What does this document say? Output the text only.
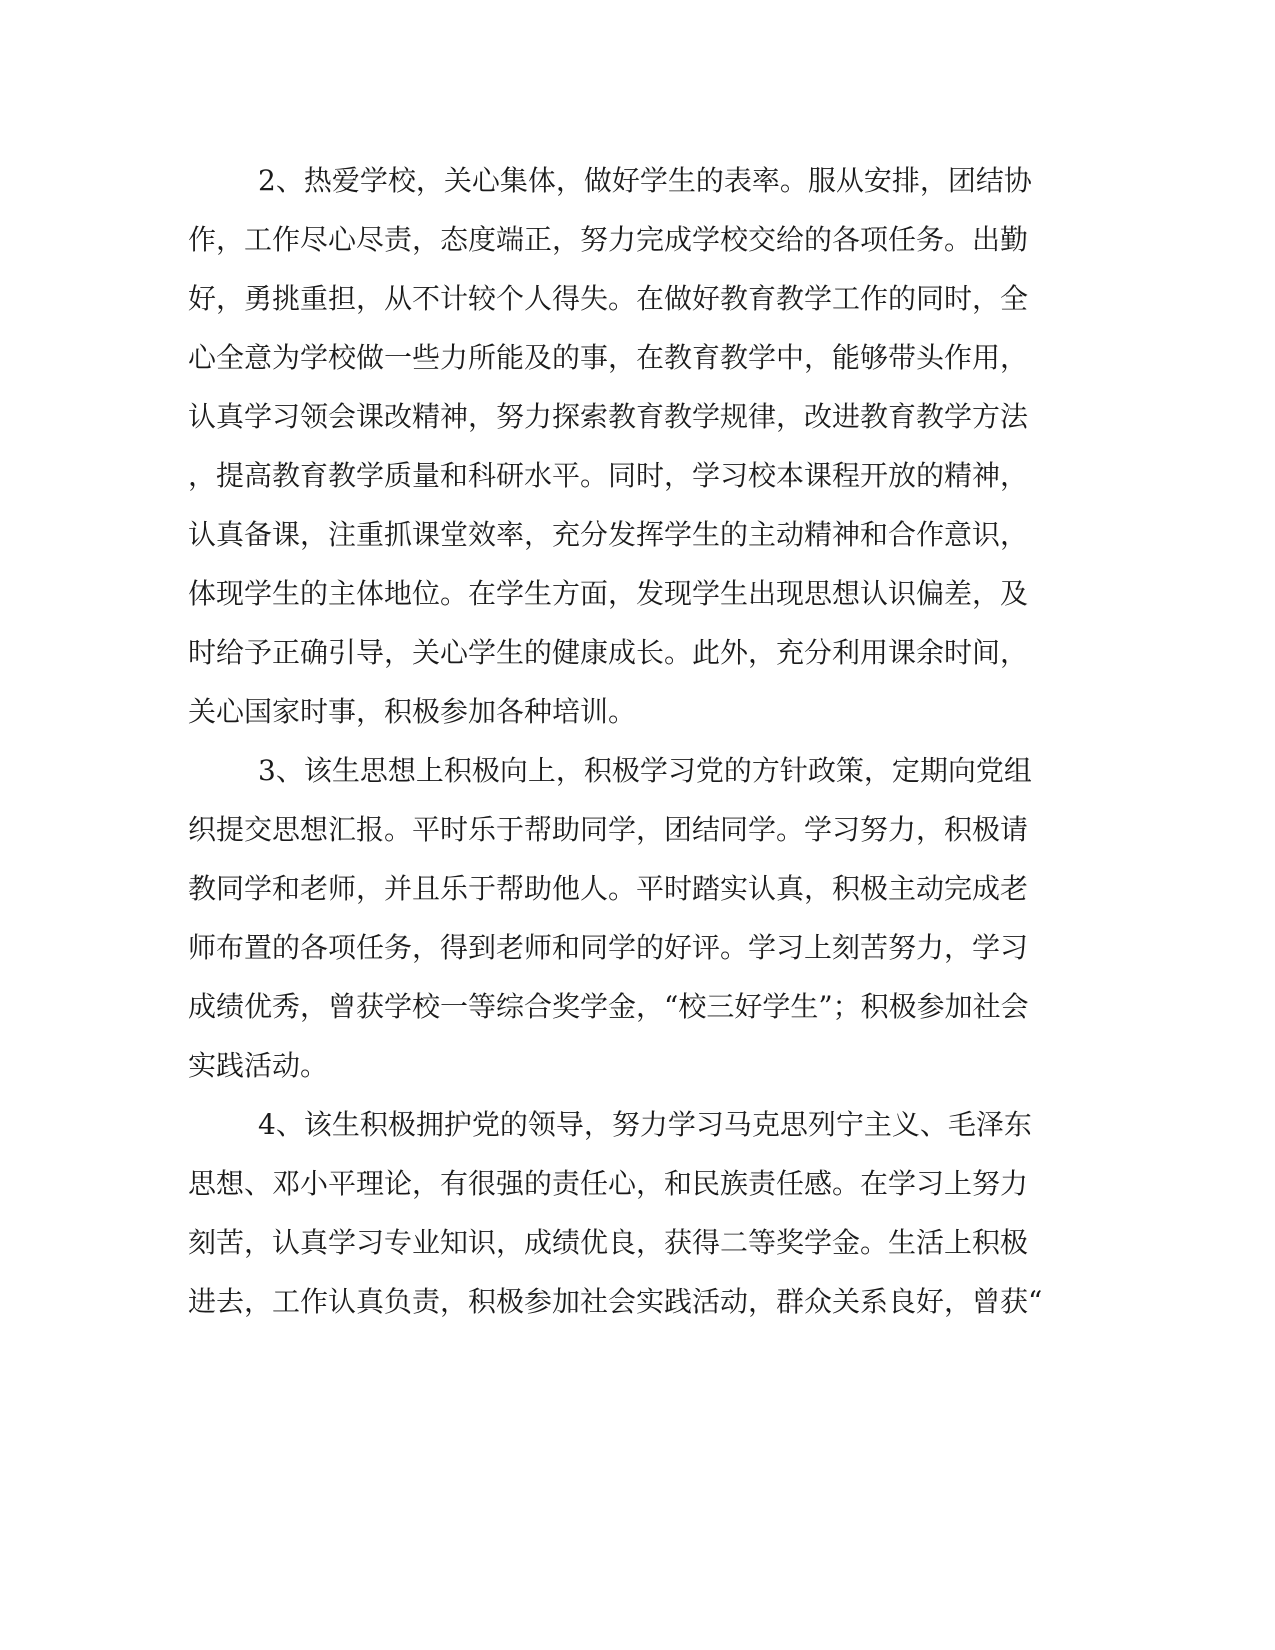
2、热爱学校，关心集体，做好学生的表率。服从安排，团结协
作，工作尽心尽责，态度端正，努力完成学校交给的各项任务。出勤
好，勇挑重担，从不计较个人得失。在做好教育教学工作的同时，全
心全意为学校做一些力所能及的事，在教育教学中，能够带头作用，
认真学习领会课改精神，努力探索教育教学规律，改进教育教学方法
，提高教育教学质量和科研水平。同时，学习校本课程开放的精神，
认真备课，注重抓课堂效率，充分发挥学生的主动精神和合作意识，
体现学生的主体地位。在学生方面，发现学生出现思想认识偏差，及
时给予正确引导，关心学生的健康成长。此外，充分利用课余时间，
关心国家时事，积极参加各种培训。
3、该生思想上积极向上，积极学习党的方针政策，定期向党组
织提交思想汇报。平时乐于帮助同学，团结同学。学习努力，积极请
教同学和老师，并且乐于帮助他人。平时踏实认真，积极主动完成老
师布置的各项任务，得到老师和同学的好评。学习上刻苦努力，学习
成绩优秀，曾获学校一等综合奖学金，“校三好学生”；积极参加社会
实践活动。
4、该生积极拥护党的领导，努力学习马克思列宁主义、毛泽东
思想、邓小平理论，有很强的责任心，和民族责任感。在学习上努力
刻苦，认真学习专业知识，成绩优良，获得二等奖学金。生活上积极
进去，工作认真负责，积极参加社会实践活动，群众关系良好，曾获“
